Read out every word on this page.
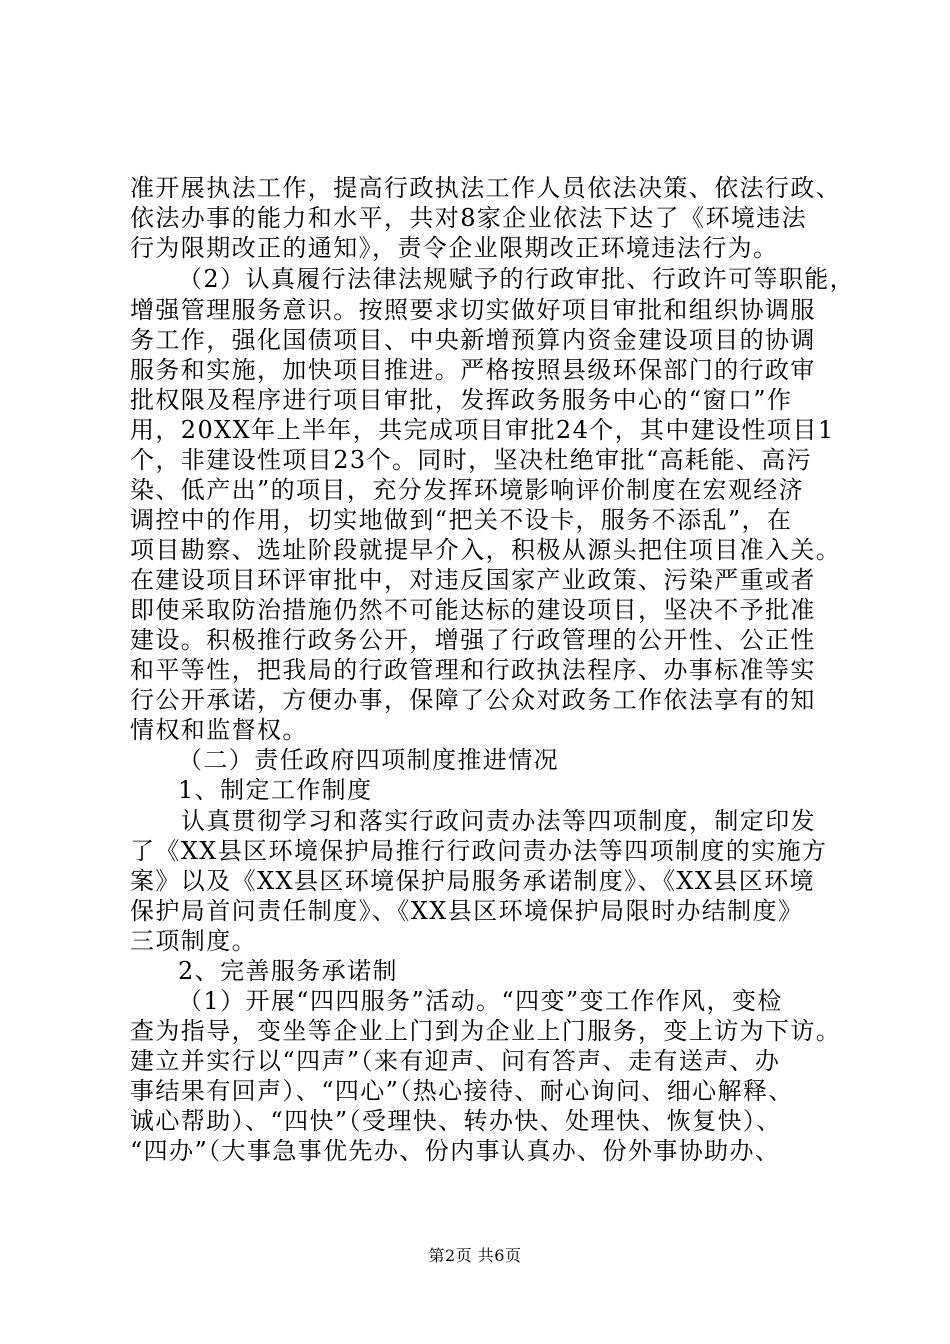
准开展执法工作，提高行政执法工作人员依法决策、依法行政、
依法办事的能力和水平，共对8家企业依法下达了《环境违法
行为限期改正的通知》，责令企业限期改正环境违法行为。
（2）认真履行法律法规赋予的行政审批、行政许可等职能，
增强管理服务意识。按照要求切实做好项目审批和组织协调服
务工作，强化国债项目、中央新增预算内资金建设项目的协调
服务和实施，加快项目推进。严格按照县级环保部门的行政审
批权限及程序进行项目审批，发挥政务服务中心的“窗口”作
用，20XX年上半年，共完成项目审批24个，其中建设性项目1
个，非建设性项目23个。同时，坚决杜绝审批“高耗能、高污
染、低产出”的项目，充分发挥环境影响评价制度在宏观经济
调控中的作用，切实地做到“把关不设卡，服务不添乱”，在
项目勘察、选址阶段就提早介入，积极从源头把住项目准入关。
在建设项目环评审批中，对违反国家产业政策、污染严重或者
即使采取防治措施仍然不可能达标的建设项目，坚决不予批准
建设。积极推行政务公开，增强了行政管理的公开性、公正性
和平等性，把我局的行政管理和行政执法程序、办事标准等实
行公开承诺，方便办事，保障了公众对政务工作依法享有的知
情权和监督权。
（二）责任政府四项制度推进情况
1、制定工作制度
认真贯彻学习和落实行政问责办法等四项制度，制定印发
了《XX县区环境保护局推行行政问责办法等四项制度的实施方
案》以及《XX县区环境保护局服务承诺制度》、《XX县区环境
保护局首问责任制度》、《XX县区环境保护局限时办结制度》
三项制度。
2、完善服务承诺制
（1）开展“四四服务”活动。“四变”变工作作风，变检
查为指导，变坐等企业上门到为企业上门服务，变上访为下访。
建立并实行以“四声”（来有迎声、问有答声、走有送声、办
事结果有回声）、“四心”（热心接待、耐心询问、细心解释、
诚心帮助）、“四快”（受理快、转办快、处理快、恢复快）、
“四办”（大事急事优先办、份内事认真办、份外事协助办、
第2页 共6页
